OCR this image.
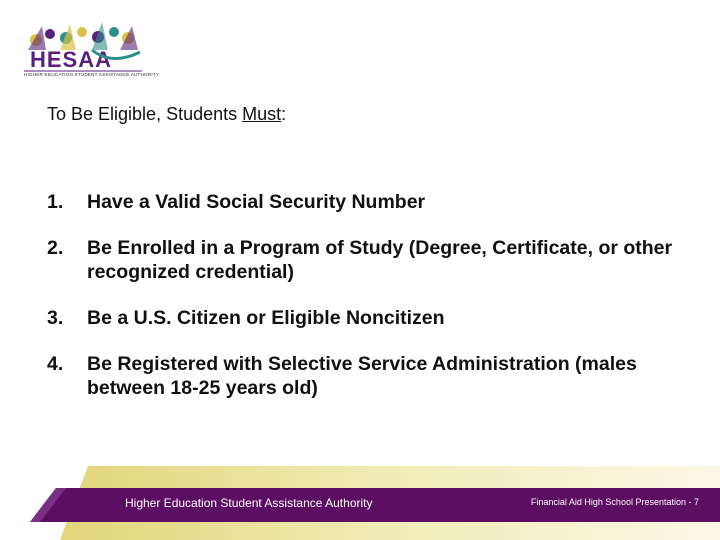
HESAA
HIGHER EDUCATION STUDENT ASSISTANCE AUTHORITY
To Be Eligible, Students Must:
1.	Have a Valid Social Security Number
2.	Be Enrolled in a Program of Study (Degree, Certificate, or other recognized credential)
3.	Be a U.S. Citizen or Eligible Noncitizen
4.	Be Registered with Selective Service Administration (males between 18-25 years old)
Higher Education Student Assistance Authority	Financial Aid High School Presentation - 7
